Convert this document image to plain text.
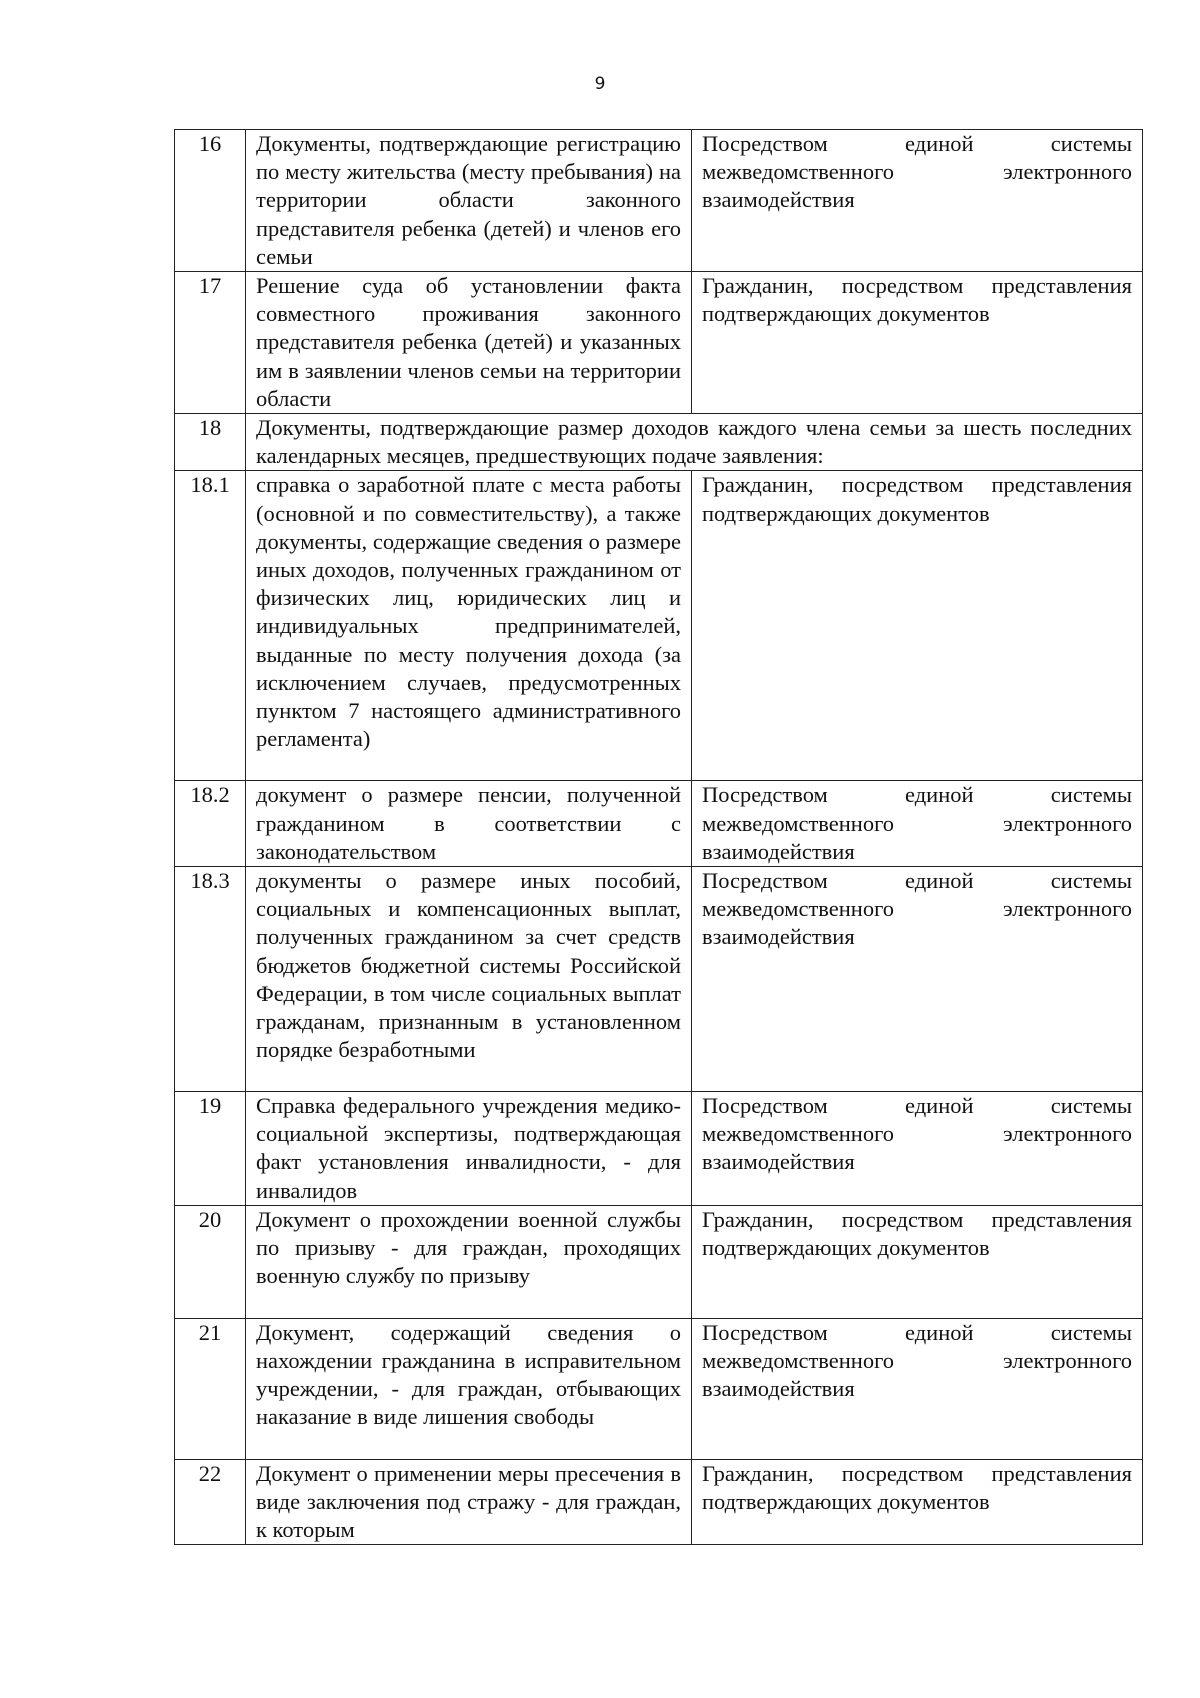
9
16	Документы, подтверждающие регистрацию по месту жительства (месту пребывания) на территории области законного представителя ребенка (детей) и членов его семьи	Посредством единой системы межведомственного электронного взаимодействия
17	Решение суда об установлении факта совместного проживания законного представителя ребенка (детей) и указанных им в заявлении членов семьи на территории области	Гражданин, посредством представления подтверждающих документов
18	Документы, подтверждающие размер доходов каждого члена семьи за шесть последних календарных месяцев, предшествующих подаче заявления:	
18.1	справка о заработной плате с места работы (основной и по совместительству), а также документы, содержащие сведения о размере иных доходов, полученных гражданином от физических лиц, юридических лиц и индивидуальных предпринимателей, выданные по месту получения дохода (за исключением случаев, предусмотренных пунктом 7 настоящего административного регламента)	Гражданин, посредством представления подтверждающих документов
18.2	документ о размере пенсии, полученной гражданином в соответствии с законодательством	Посредством единой системы межведомственного электронного взаимодействия
18.3	документы о размере иных пособий, социальных и компенсационных выплат, полученных гражданином за счет средств бюджетов бюджетной системы Российской Федерации, в том числе социальных выплат гражданам, признанным в установленном порядке безработными	Посредством единой системы межведомственного электронного взаимодействия
19	Справка федерального учреждения медико-социальной экспертизы, подтверждающая факт установления инвалидности, - для инвалидов	Посредством единой системы межведомственного электронного взаимодействия
20	Документ о прохождении военной службы по призыву - для граждан, проходящих военную службу по призыву	Гражданин, посредством представления подтверждающих документов
21	Документ, содержащий сведения о нахождении гражданина в исправительном учреждении, - для граждан, отбывающих наказание в виде лишения свободы	Посредством единой системы межведомственного электронного взаимодействия
22	Документ о применении меры пресечения в виде заключения под стражу - для граждан, к которым	Гражданин, посредством представления подтверждающих документов
